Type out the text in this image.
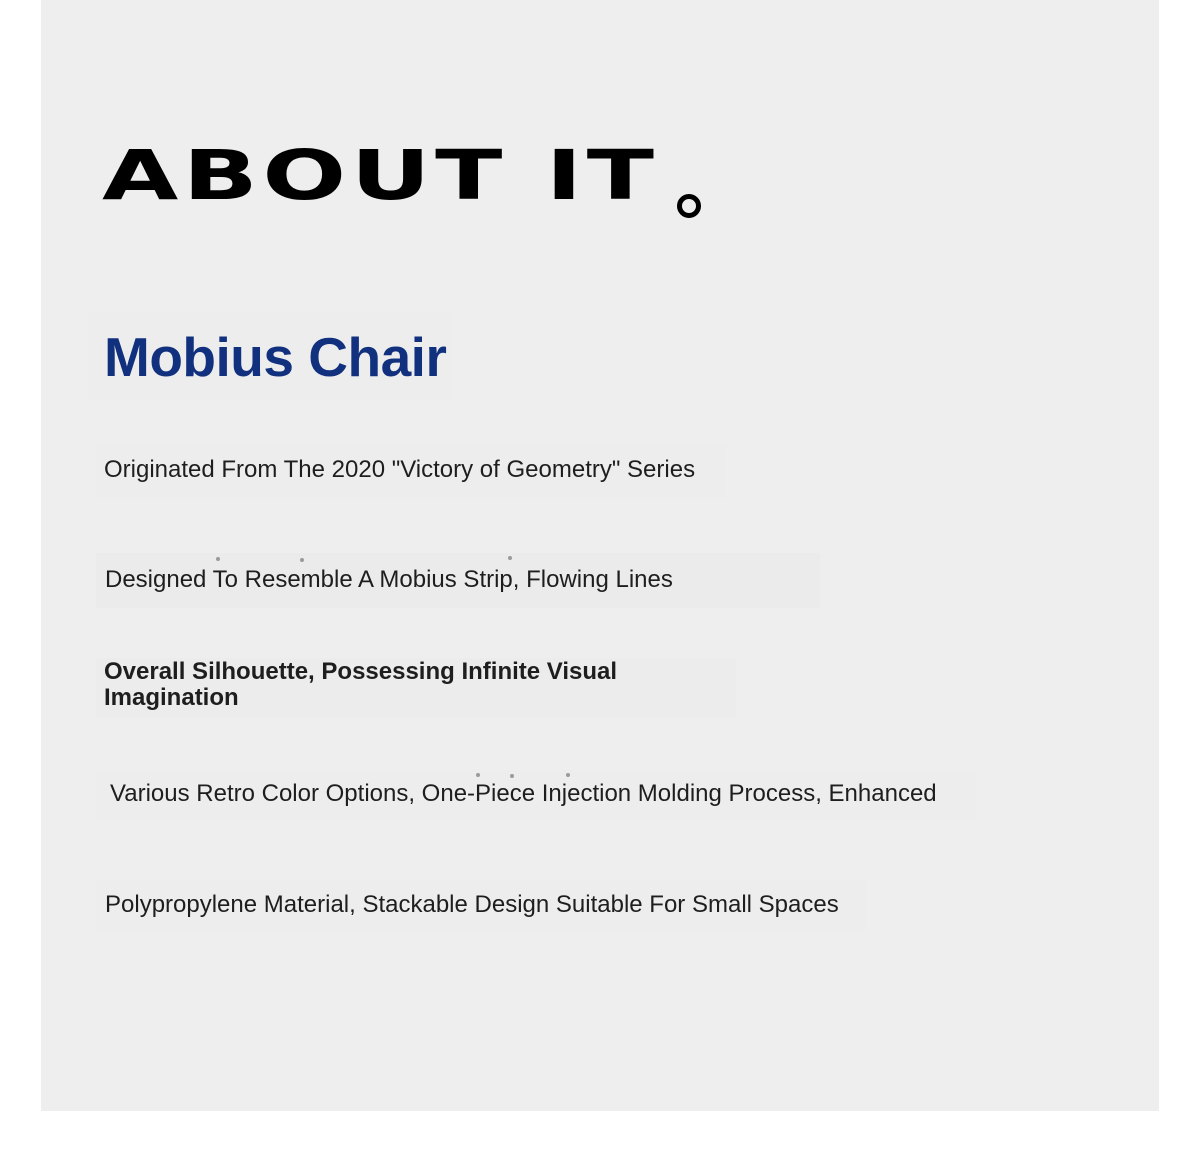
ABOUT IT
Mobius Chair
Originated From The 2020 "Victory of Geometry" Series
Designed To Resemble A Mobius Strip, Flowing Lines
Overall Silhouette, Possessing Infinite Visual Imagination
Various Retro Color Options, One-Piece Injection Molding Process, Enhanced
Polypropylene Material, Stackable Design Suitable For Small Spaces
